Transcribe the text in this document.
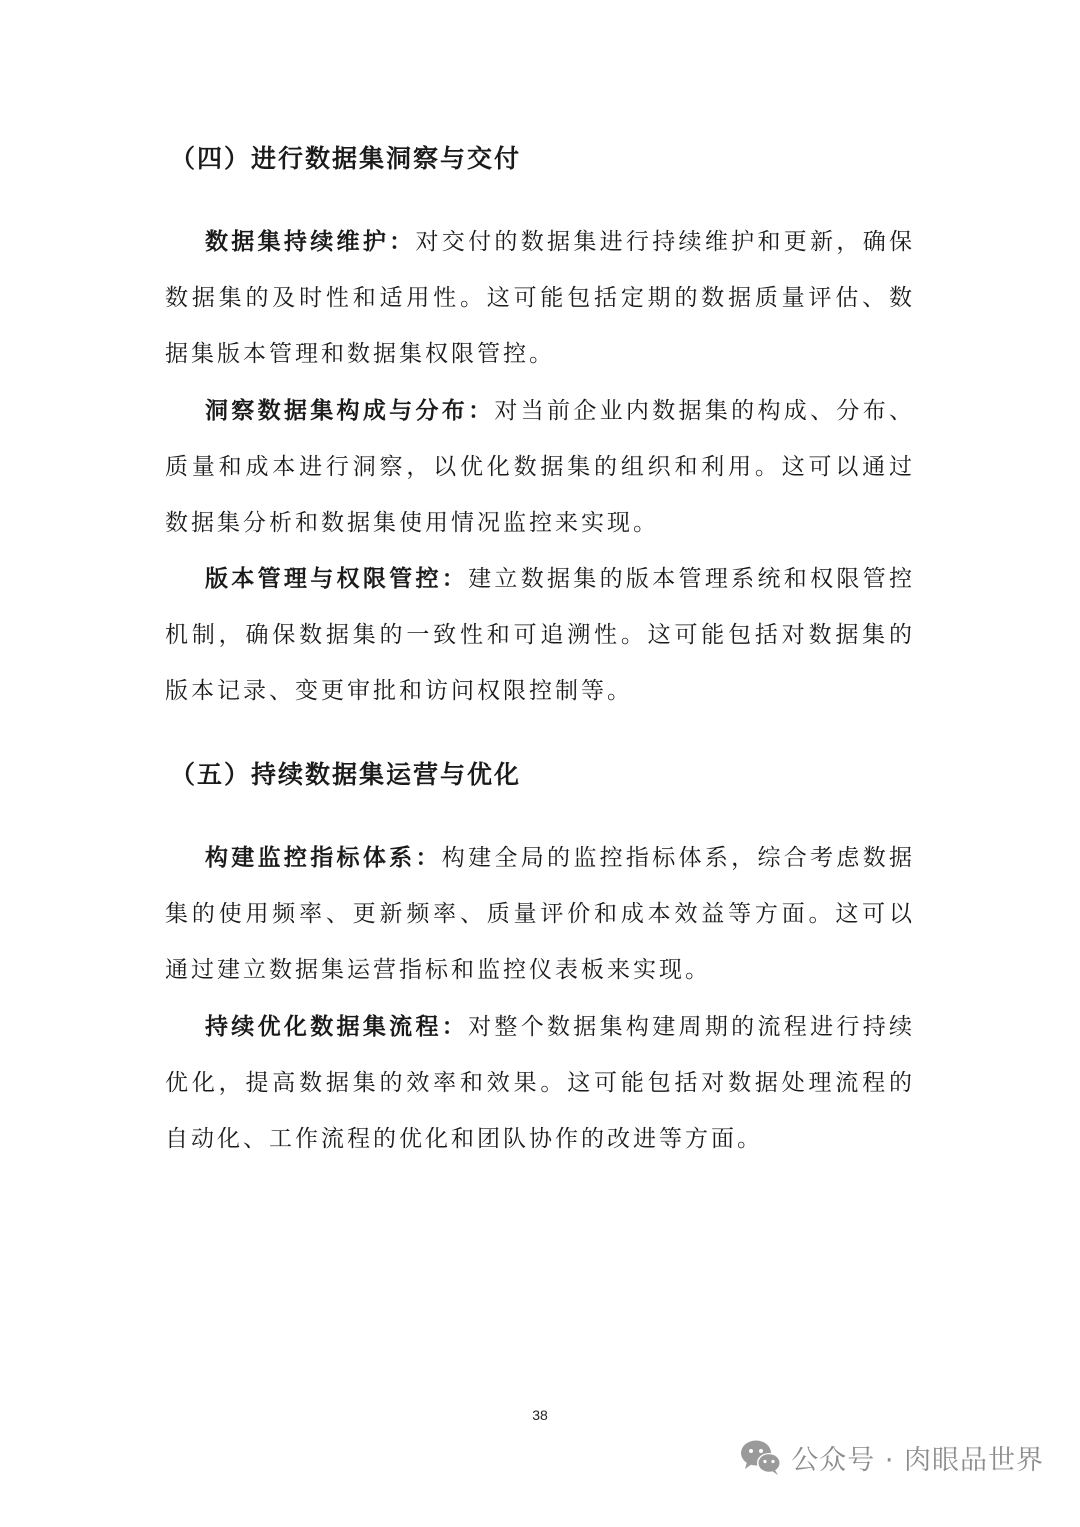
（四）进行数据集洞察与交付

数据集持续维护：对交付的数据集进行持续维护和更新，确保数据集的及时性和适用性。这可能包括定期的数据质量评估、数据集版本管理和数据集权限管控。

洞察数据集构成与分布：对当前企业内数据集的构成、分布、质量和成本进行洞察，以优化数据集的组织和利用。这可以通过数据集分析和数据集使用情况监控来实现。

版本管理与权限管控：建立数据集的版本管理系统和权限管控机制，确保数据集的一致性和可追溯性。这可能包括对数据集的版本记录、变更审批和访问权限控制等。

（五）持续数据集运营与优化

构建监控指标体系：构建全局的监控指标体系，综合考虑数据集的使用频率、更新频率、质量评价和成本效益等方面。这可以通过建立数据集运营指标和监控仪表板来实现。

持续优化数据集流程：对整个数据集构建周期的流程进行持续优化，提高数据集的效率和效果。这可能包括对数据处理流程的自动化、工作流程的优化和团队协作的改进等方面。

38
公众号 · 肉眼品世界
